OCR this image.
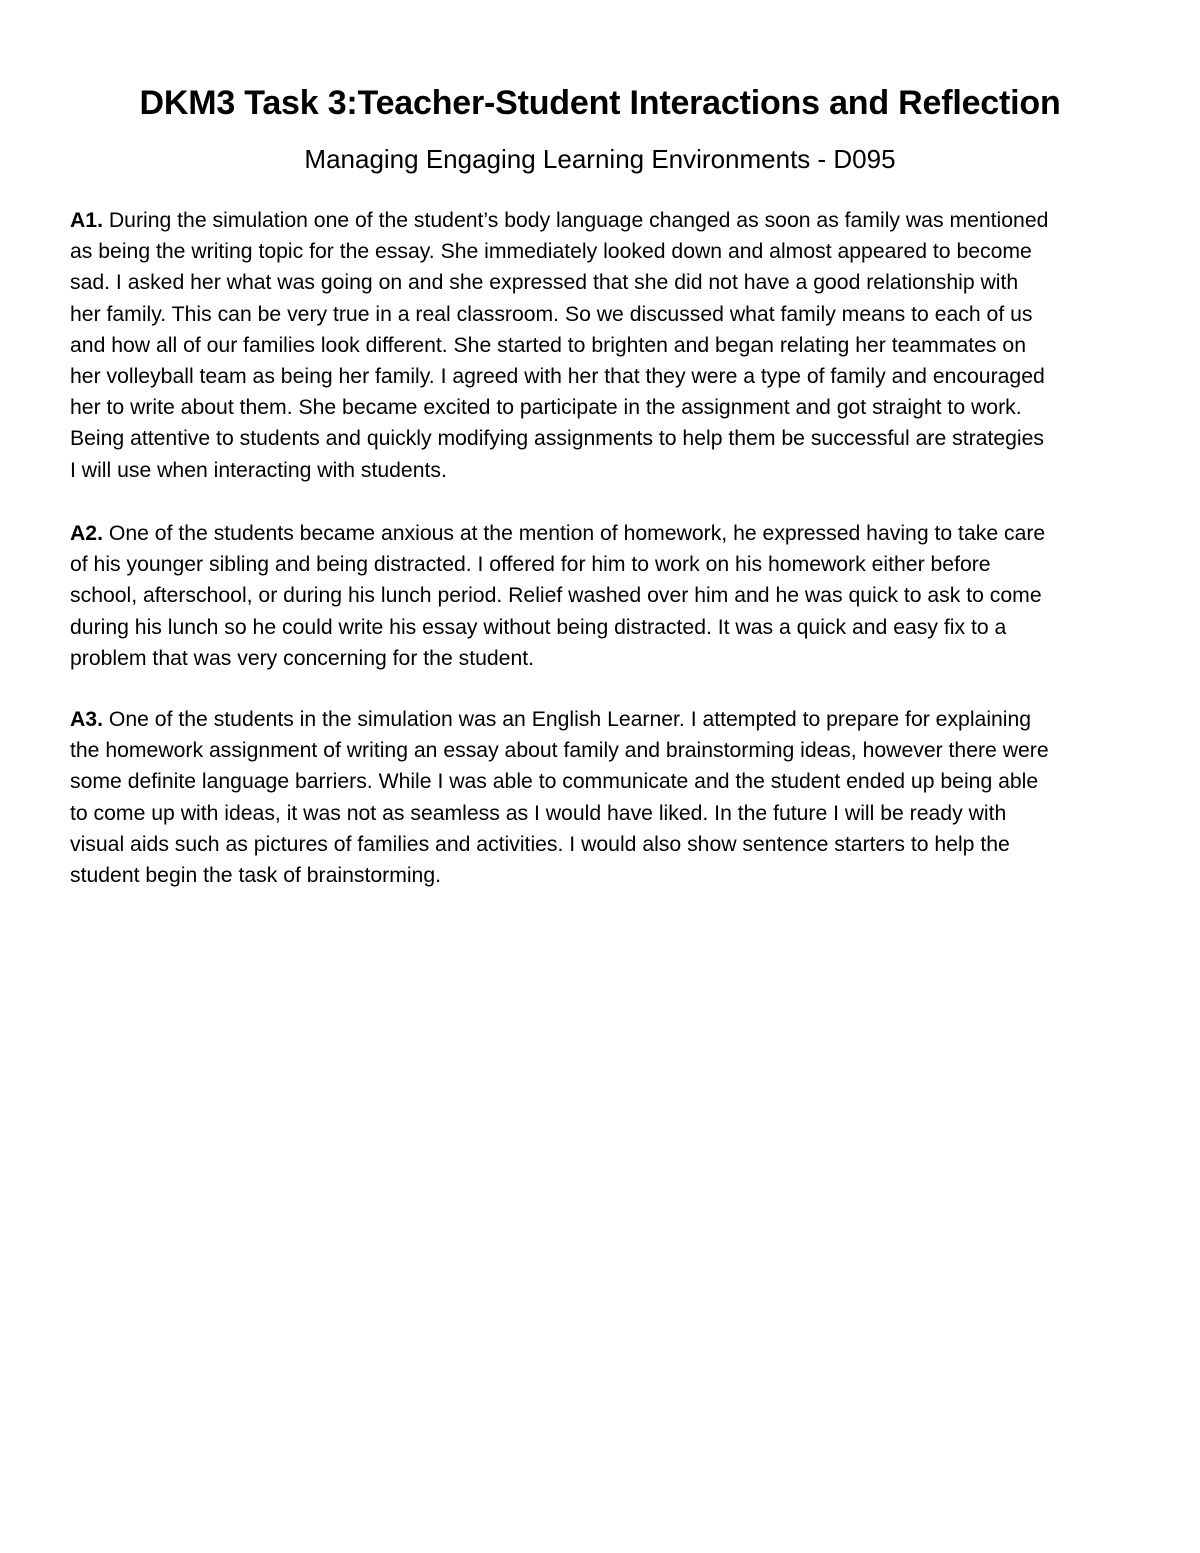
DKM3 Task 3:Teacher-Student Interactions and Reflection
Managing Engaging Learning Environments - D095
A1. During the simulation one of the student’s body language changed as soon as family was mentioned
as being the writing topic for the essay. She immediately looked down and almost appeared to become
sad. I asked her what was going on and she expressed that she did not have a good relationship with
her family. This can be very true in a real classroom. So we discussed what family means to each of us
and how all of our families look different. She started to brighten and began relating her teammates on
her volleyball team as being her family. I agreed with her that they were a type of family and encouraged
her to write about them. She became excited to participate in the assignment and got straight to work.
Being attentive to students and quickly modifying assignments to help them be successful are strategies
I will use when interacting with students.
A2. One of the students became anxious at the mention of homework, he expressed having to take care
of his younger sibling and being distracted. I offered for him to work on his homework either before
school, afterschool, or during his lunch period. Relief washed over him and he was quick to ask to come
during his lunch so he could write his essay without being distracted. It was a quick and easy fix to a
problem that was very concerning for the student.
A3. One of the students in the simulation was an English Learner. I attempted to prepare for explaining
the homework assignment of writing an essay about family and brainstorming ideas, however there were
some definite language barriers. While I was able to communicate and the student ended up being able
to come up with ideas, it was not as seamless as I would have liked. In the future I will be ready with
visual aids such as pictures of families and activities. I would also show sentence starters to help the
student begin the task of brainstorming.
